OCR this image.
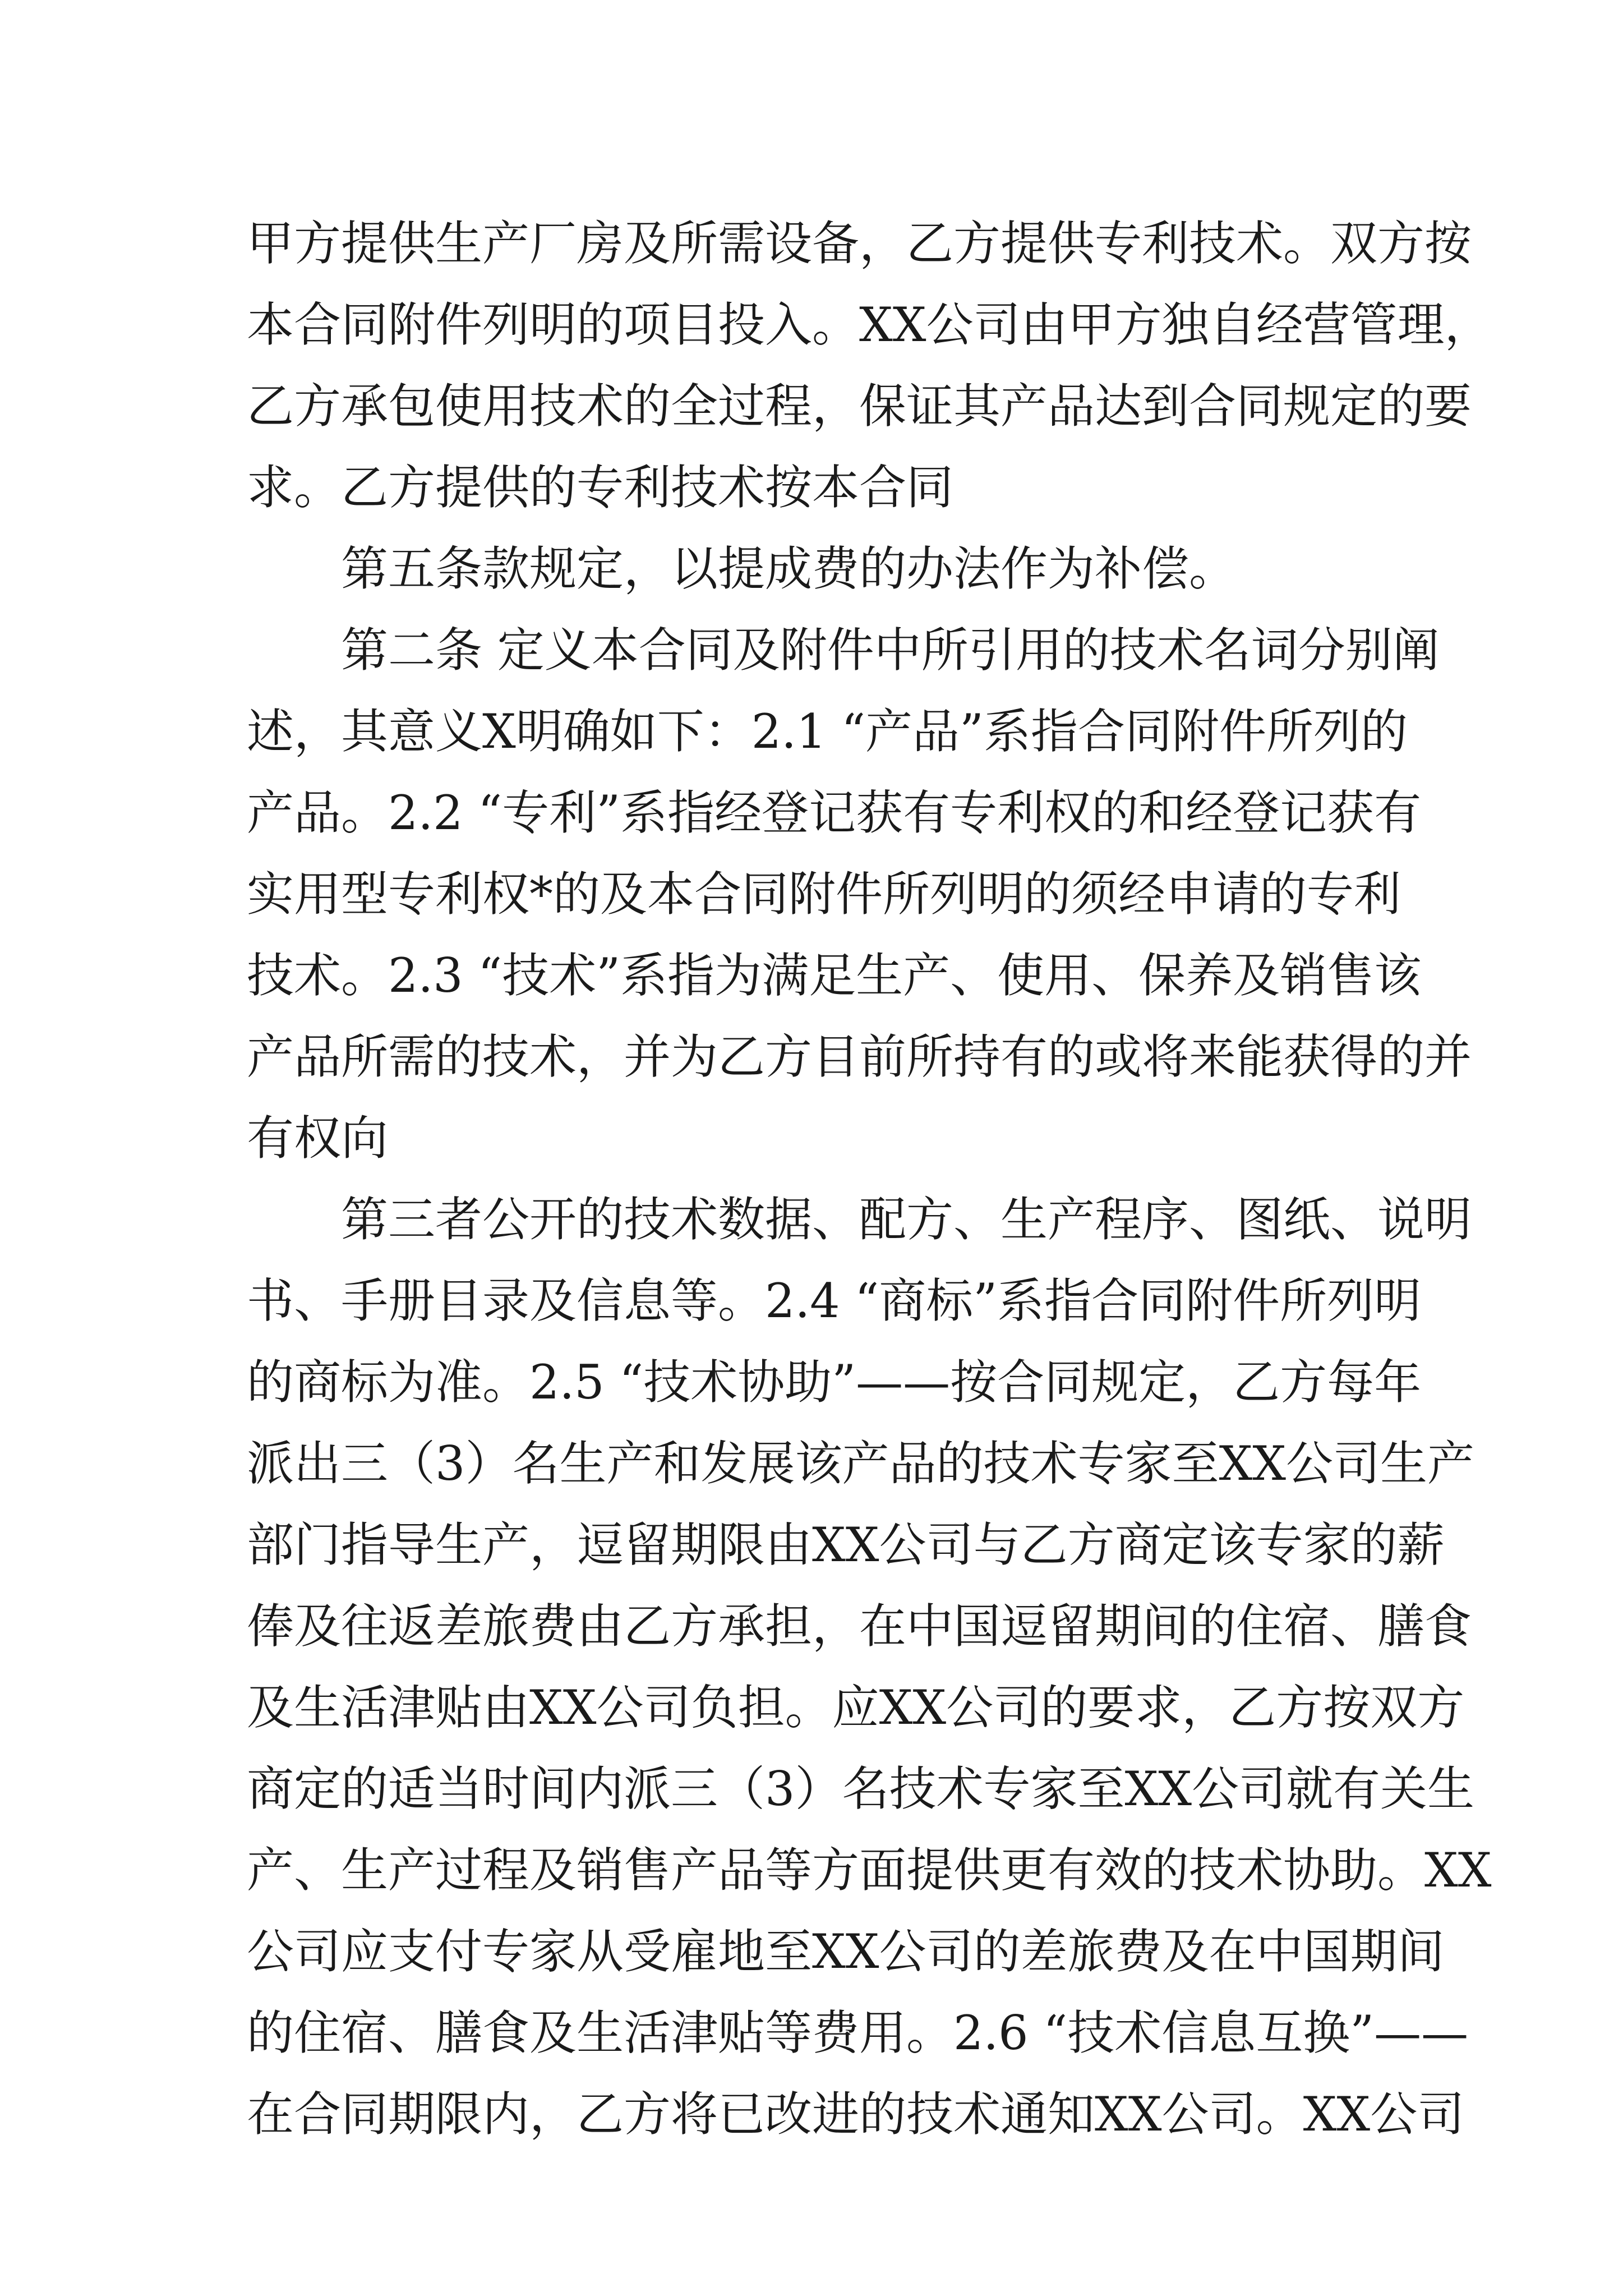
甲方提供生产厂房及所需设备，乙方提供专利技术。双方按
本合同附件列明的项目投入。XX公司由甲方独自经营管理，
乙方承包使用技术的全过程，保证其产品达到合同规定的要
求。乙方提供的专利技术按本合同
第五条款规定，以提成费的办法作为补偿。
第二条 定义本合同及附件中所引用的技术名词分别阐
述，其意义X明确如下：2.1 “产品”系指合同附件所列的
产品。2.2 “专利”系指经登记获有专利权的和经登记获有
实用型专利权*的及本合同附件所列明的须经申请的专利
技术。2.3 “技术”系指为满足生产、使用、保养及销售该
产品所需的技术，并为乙方目前所持有的或将来能获得的并
有权向
第三者公开的技术数据、配方、生产程序、图纸、说明
书、手册目录及信息等。2.4 “商标”系指合同附件所列明
的商标为准。2.5 “技术协助”——按合同规定，乙方每年
派出三（3）名生产和发展该产品的技术专家至XX公司生产
部门指导生产，逗留期限由XX公司与乙方商定该专家的薪
俸及往返差旅费由乙方承担，在中国逗留期间的住宿、膳食
及生活津贴由XX公司负担。应XX公司的要求，乙方按双方
商定的适当时间内派三（3）名技术专家至XX公司就有关生
产、生产过程及销售产品等方面提供更有效的技术协助。XX
公司应支付专家从受雇地至XX公司的差旅费及在中国期间
的住宿、膳食及生活津贴等费用。2.6 “技术信息互换”——
在合同期限内，乙方将已改进的技术通知XX公司。XX公司
